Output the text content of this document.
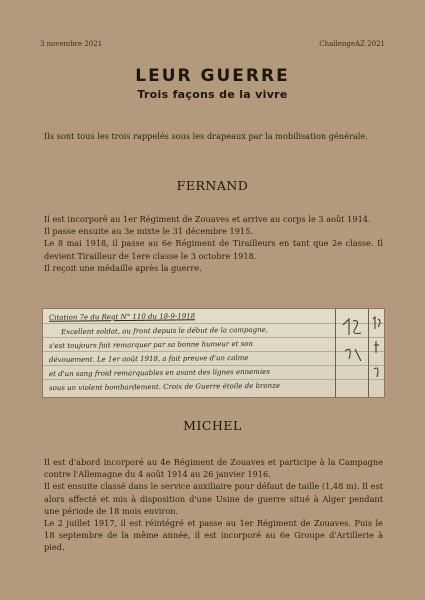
3 novembre 2021	ChallengeAZ 2021
LEUR GUERRE
Trois façons de la vivre

Ils sont tous les trois rappelés sous les drapeaux par la mobilisation générale.

FERNAND

Il est incorporé au 1er Régiment de Zouaves et arrive au corps le 3 août 1914.

Il passe ensuite au 3e mixte le 31 décembre 1915.

Le 8 mai 1918, il passe au 6e Régiment de Tirailleurs en tant que 2e classe. Il devient Tirailleur de 1ere classe le 3 octobre 1918.

Il reçoit une médaille après la guerre.

Citation 7e du Regt N° 110 du 18-9-1918
Excellent soldat, au front depuis le début de la campagne,
s'est toujours fait remarquer par sa bonne humeur et son
dévouement. Le 1er août 1918, a fait preuve d'un calme
et d'un sang froid remarquables en avant des lignes ennemies
sous un violent bombardement. Croix de Guerre étoile de bronze
MICHEL

Il est d'abord incorporé au 4e Régiment de Zouaves et participe à la Campagne contre l'Allemagne du 4 août 1914 au 26 janvier 1916.

Il est ensuite classé dans le service auxiliaire pour défaut de taille (1,48 m). Il est alors affecté et mis à disposition d'une Usine de guerre situé à Alger pendant une période de 18 mois environ.

Le 2 juillet 1917, il est réintégré et passe au 1er Régiment de Zouaves. Puis le 18 septembre de la même année, il est incorporé au 6e Groupe d'Artillerie à pied.
